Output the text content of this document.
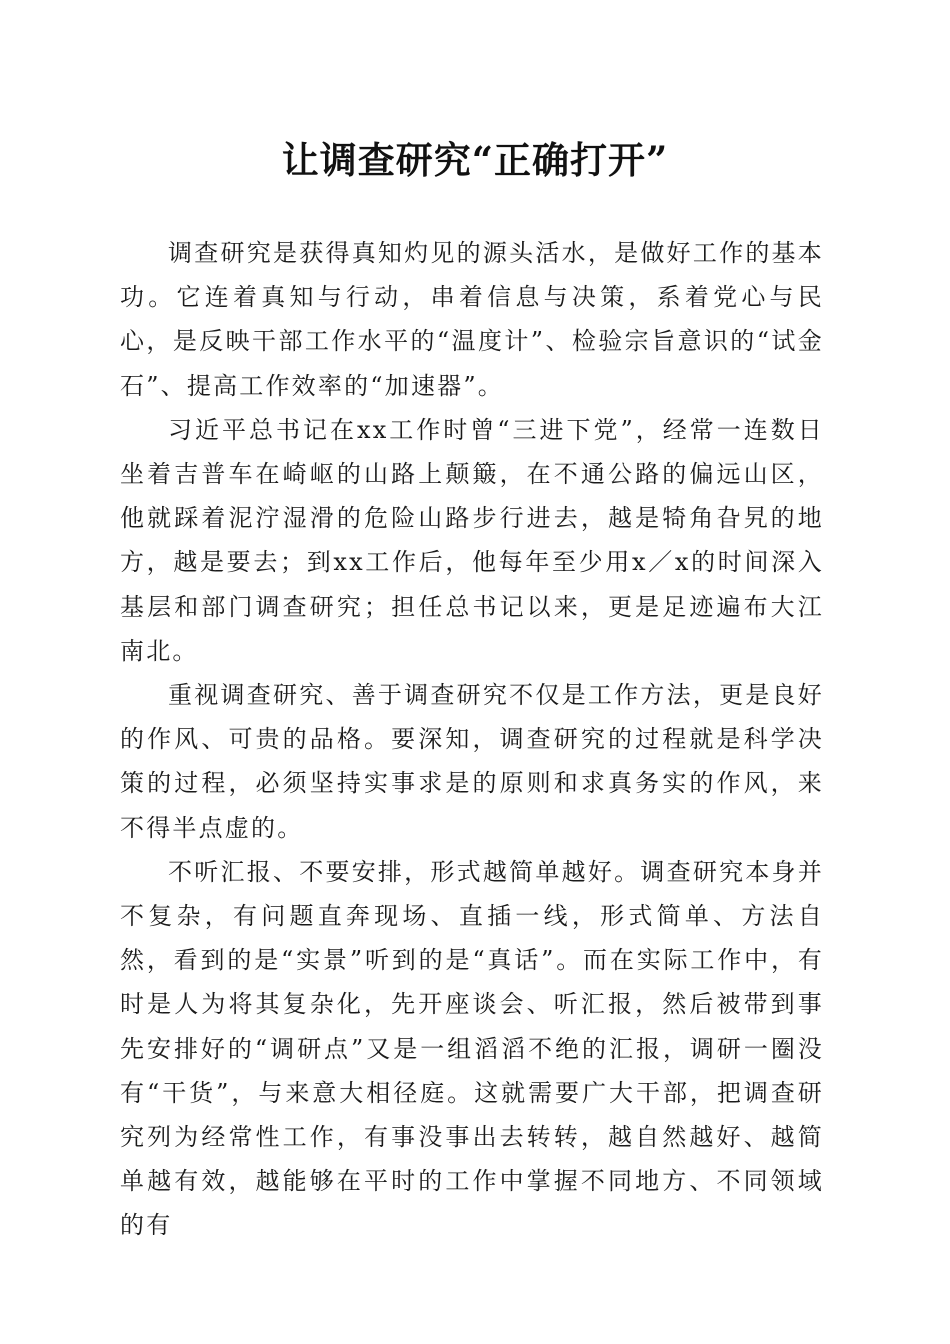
让调查研究“正确打开”

调查研究是获得真知灼见的源头活水，是做好工作的基本功。它连着真知与行动，串着信息与决策，系着党心与民心，是反映干部工作水平的“温度计”、检验宗旨意识的“试金石”、提高工作效率的“加速器”。

习近平总书记在xx工作时曾“三进下党”，经常一连数日坐着吉普车在崎岖的山路上颠簸，在不通公路的偏远山区，他就踩着泥泞湿滑的危险山路步行进去，越是犄角旮旯的地方，越是要去；到xx工作后，他每年至少用x／x的时间深入基层和部门调查研究；担任总书记以来，更是足迹遍布大江南北。

重视调查研究、善于调查研究不仅是工作方法，更是良好的作风、可贵的品格。要深知，调查研究的过程就是科学决策的过程，必须坚持实事求是的原则和求真务实的作风，来不得半点虚的。

不听汇报、不要安排，形式越简单越好。调查研究本身并不复杂，有问题直奔现场、直插一线，形式简单、方法自然，看到的是“实景”听到的是“真话”。而在实际工作中，有时是人为将其复杂化，先开座谈会、听汇报，然后被带到事先安排好的“调研点”又是一组滔滔不绝的汇报，调研一圈没有“干货”，与来意大相径庭。这就需要广大干部，把调查研究列为经常性工作，有事没事出去转转，越自然越好、越简单越有效，越能够在平时的工作中掌握不同地方、不同领域的有
